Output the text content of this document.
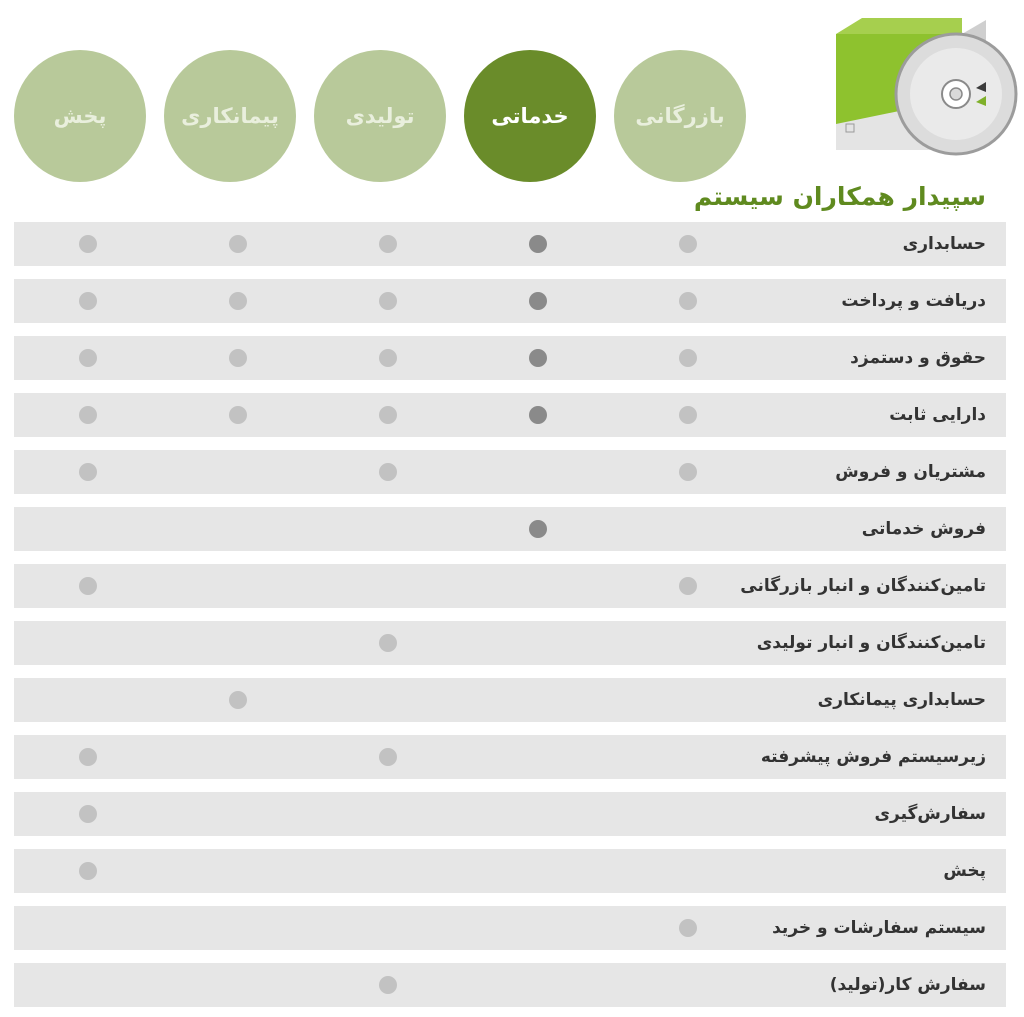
بازرگانی
خدماتی
تولیدی
پیمانکاری
پخش
سپیدار همکاران سیستم
حسابداری
دریافت و پرداخت
حقوق و دستمزد
دارایی ثابت
مشتریان و فروش
فروش خدماتی
تامین‌کنندگان و انبار بازرگانی
تامین‌کنندگان و انبار تولیدی
حسابداری پیمانکاری
زیرسیستم فروش پیشرفته
سفارش‌گیری
پخش
سیستم سفارشات و خرید
سفارش کار(تولید)
